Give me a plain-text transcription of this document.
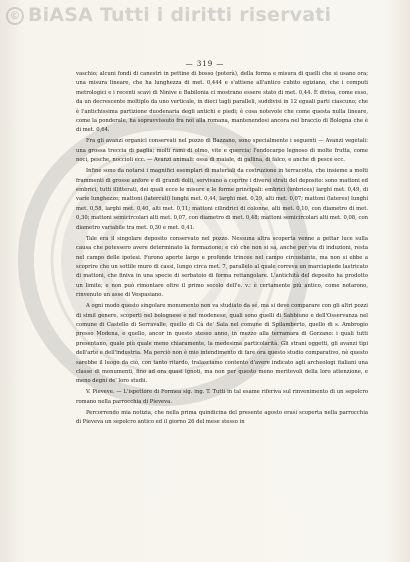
© BiASA Tutti i diritti riservati
— 319 —

vaschio; alcuni fondi di canestri in pettine di bosso (poterà), della forma e misura di quelli che si usano ora; una misura lineare, che ha lunghezza di met. 0,444 e s'attiene all'antico cubito egiziano, che i computi metrologici e i recenti scavi di Ninive e Babilonia ci mostrano essere stato di met. 0,44. È divisa, come esso, da un decrescente moltiplo da uno verticale, in dieci tagli paralleli, suddivisi in 12 eguali parti ciascuno; che è l'antichissima partizione duodenaria degli antichi e piedi; è cosa notevole che come questa nulla lineare, come la ponderale, ha sopravvissuto fra noi alla romana, mantenendosi ancora nel braccio di Bologna che è di met. 0,64.

Fra gli avanzi organici conservati nel pozzo di Bazzano, sono specialmente i seguenti — Avanzi vegetali: una grossa treccia di paglia; molti rami di olmo, vite e quercia; l'endocarpo legnoso di molte frutta, come noci, pesche, noccioli ecc. — Avanzi animali: ossa di maiale, di gallina, di falco, e anche di pesce ecc.

Infine sono da notarsi i magnifici esemplari di materiali da costruzione in terracotta, che insieme a molti frammenti di grosse anfore e di grandi dolii, servivano a coprire i diversi strati del deposito: sono mattoni ed embrici, tutti illitterati, dei quali ecco le misure e le forme principali: embrici (imbrices) larghi met. 0,49, di varie lunghezze; mattoni (laterculi) lunghi met. 0,44, larghi met. 0,29, alti met. 0,07; mattoni (lateres) lunghi met. 0,58, larghi met. 0,40, alti met. 0,11; mattoni cilindrici di colonne, alti met. 0,10, con diametro di met. 0,30; mattoni semicircolari alti met. 0,07, con diametro di met. 0,48; mattoni semicircolari alti met. 0,08, con diametro variabile tra met. 0,30 e met. 0,41.

Tale era il singolare deposito conservato nel pozzo. Nessuna altra scoperta venne a gettar luce sulla causa che potessero avere determinato la formazione; e ciò che non si sa, anche per via di induzioni, resta nel campo delle ipotesi. Furono aperte largo e profonde trincee nel campo circostante, ma non si ebbe a scoprire che un sottile muro di cassi, lungo circa met. 7, parallelo al quale correva un marciapiede lastricato di mattoni, che finiva in una specie di serbatoio di forma rettangolare. L'antichità del deposito ha prodotto un limite; e non può rimontare oltre il primo secolo dell'e. v.: è certamente più antico, come notarono, rinvenuto un asse di Vespasiano.

A ogni modo questo singolare monumento non va studiato da sé, ma si deve comparare con gli altri pozzi di simil genere, scoperti nel bolognese e nel modenese, quali sono quelli di Sabbiuno e dell'Osservanza nel comune di Castello di Serravalle, quello di Cà de' Sala nel comune di Spilamberto, quello di s. Ambrogio presso Modena, e quello, ancor in questo stesso anno, in mezzo alla terramara di Gorzano: i quali tutti presentano, quale più quale meno chiaramente, la medesima particolarità. Gli strani oggetti, gli avanzi tipi dell'arte e dell'industria. Ma perciò non è mio intendimento di fare ora questo studio comparativo, nè questo sarebbe il luogo da ciò, con tanto ritardo, tralasciamo contento d'avere indicato agli archeologi italiani una classe di monumenti, fino ad ora quasi ignoti, ma non per questo meno meritevoli della loro attenzione, e meno degni de' loro studii.

V. Pieveve. — L'ispettore di Formea sig. ing. T. Tutti in tal esame riferiva sul rinvenimento di un sepolcro romano nella parrocchia di Pieveva.

Percorrendo mia notizia, che nella prima quindicina del presente agosto erasi scoperta nella parrocchia di Pieveva un sepolcro antico ed il giorno 26 del mese stesso in
